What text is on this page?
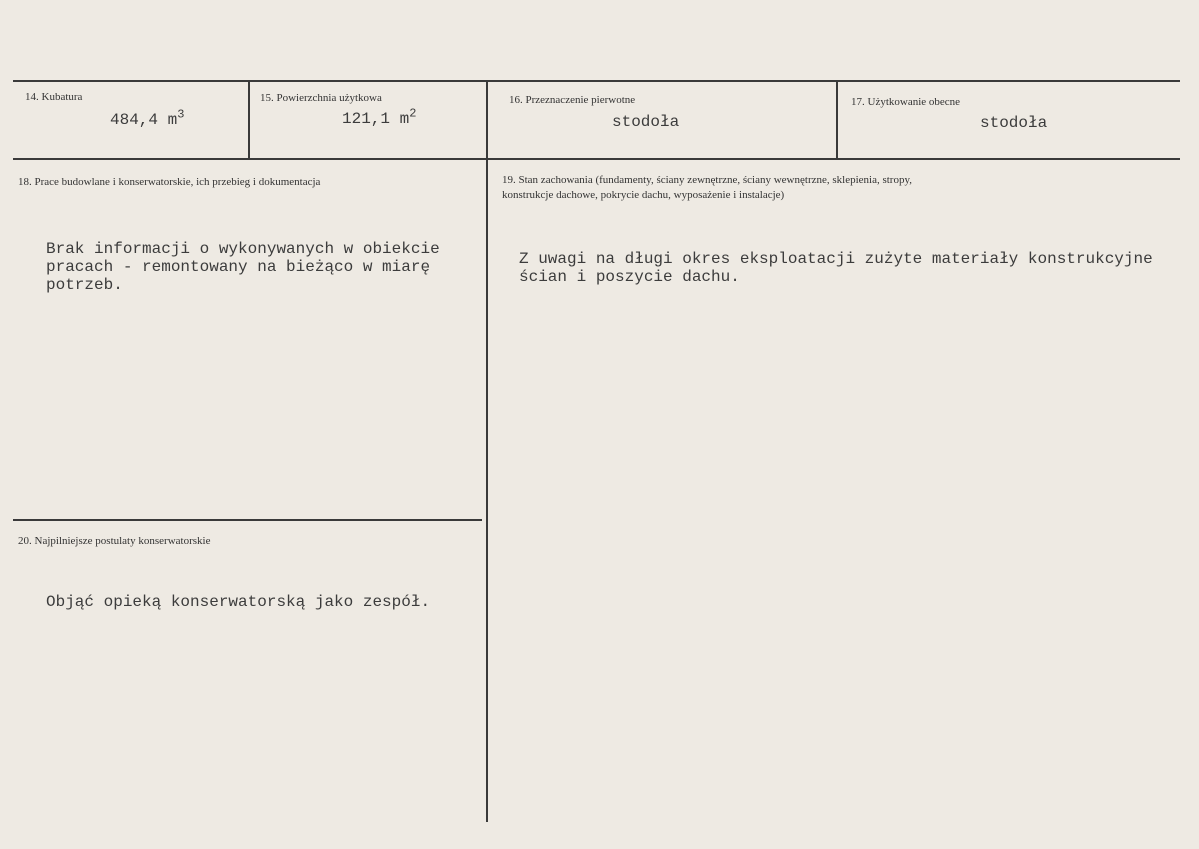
14. Kubatura
484,4 $m^3$
15. Powierzchnia użytkowa
121,1 $m^2$
16. Przeznaczenie pierwotne
stodoła
17. Użytkowanie obecne
stodoła
18. Prace budowlane i konserwatorskie, ich przebieg i dokumentacja
Brak informacji o wykonywanych w obiekcie
pracach - remontowany na bieżąco w miarę
potrzeb.
19. Stan zachowania (fundamenty, ściany zewnętrzne, ściany wewnętrzne, sklepienia, stropy,
konstrukcje dachowe, pokrycie dachu, wyposażenie i instalacje)
Z uwagi na długi okres eksploatacji zużyte materiały konstrukcyjne
ścian i poszycie dachu.
20. Najpilniejsze postulaty konserwatorskie
Objąć opieką konserwatorską jako zespół.
